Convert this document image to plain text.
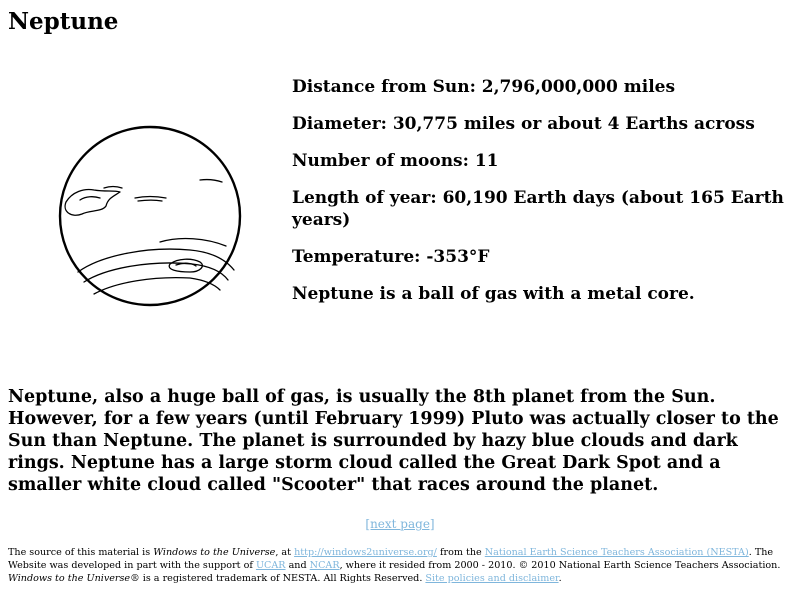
Neptune
Distance from Sun: 2,796,000,000 miles
Diameter: 30,775 miles or about 4 Earths across
Number of moons: 11
Length of year: 60,190 Earth days (about 165 Earth years)
Temperature: -353°F
Neptune is a ball of gas with a metal core.

Neptune, also a huge ball of gas, is usually the 8th planet from the Sun. However, for a few years (until February 1999) Pluto was actually closer to the Sun than Neptune. The planet is surrounded by hazy blue clouds and dark rings. Neptune has a large storm cloud called the Great Dark Spot and a smaller white cloud called "Scooter" that races around the planet.

[next page]

The source of this material is Windows to the Universe, at http://windows2universe.org/ from the National Earth Science Teachers Association (NESTA). The Website was developed in part with the support of UCAR and NCAR, where it resided from 2000 - 2010. © 2010 National Earth Science Teachers Association. Windows to the Universe® is a registered trademark of NESTA. All Rights Reserved. Site policies and disclaimer.
